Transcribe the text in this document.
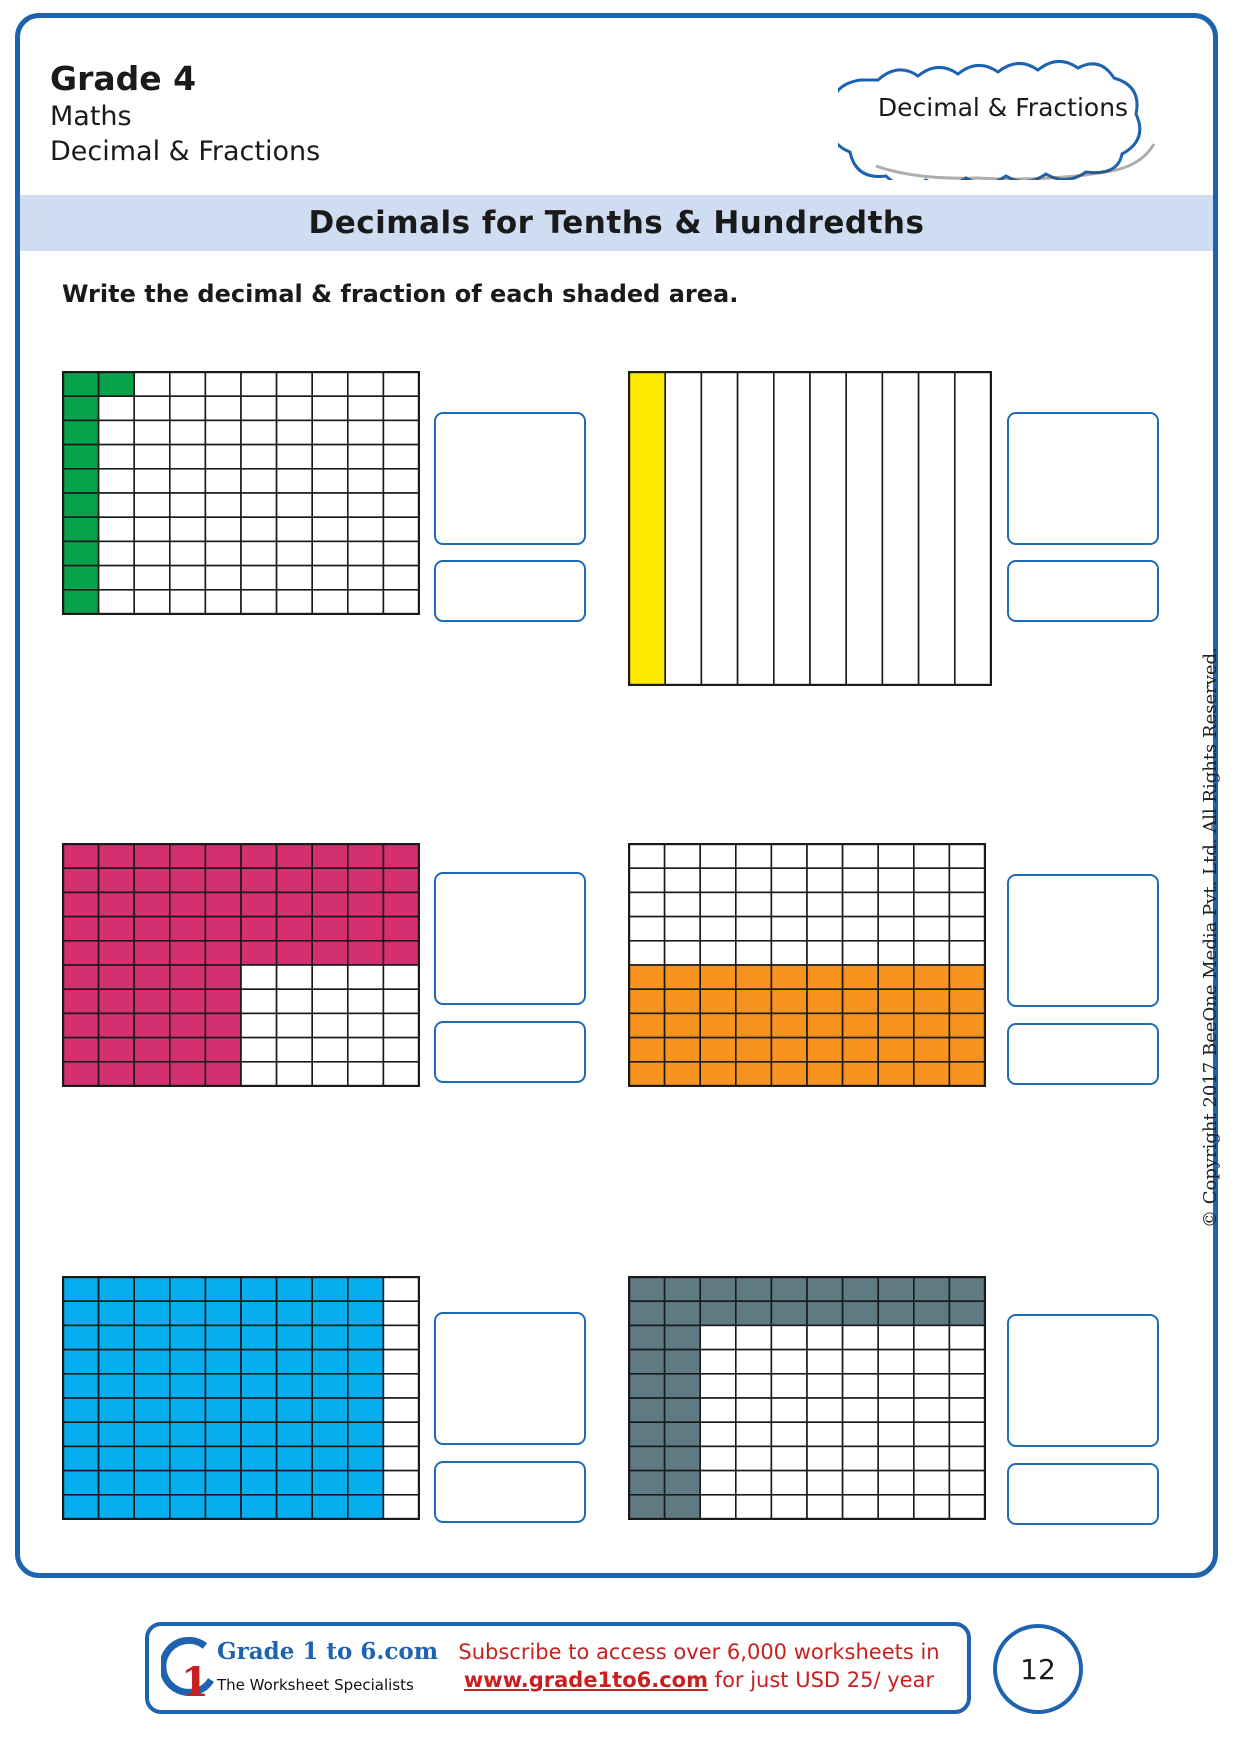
Grade 4
Maths
Decimal & Fractions
Decimal & Fractions
Decimals for Tenths & Hundredths
Write the decimal & fraction of each shaded area.
© Copyright 2017 BeeOne Media Pvt. Ltd. All Rights Reserved.
1
Grade 1 to 6.com
The Worksheet Specialists
Subscribe to access over 6,000 worksheets in
www.grade1to6.com for just USD 25/ year	12
